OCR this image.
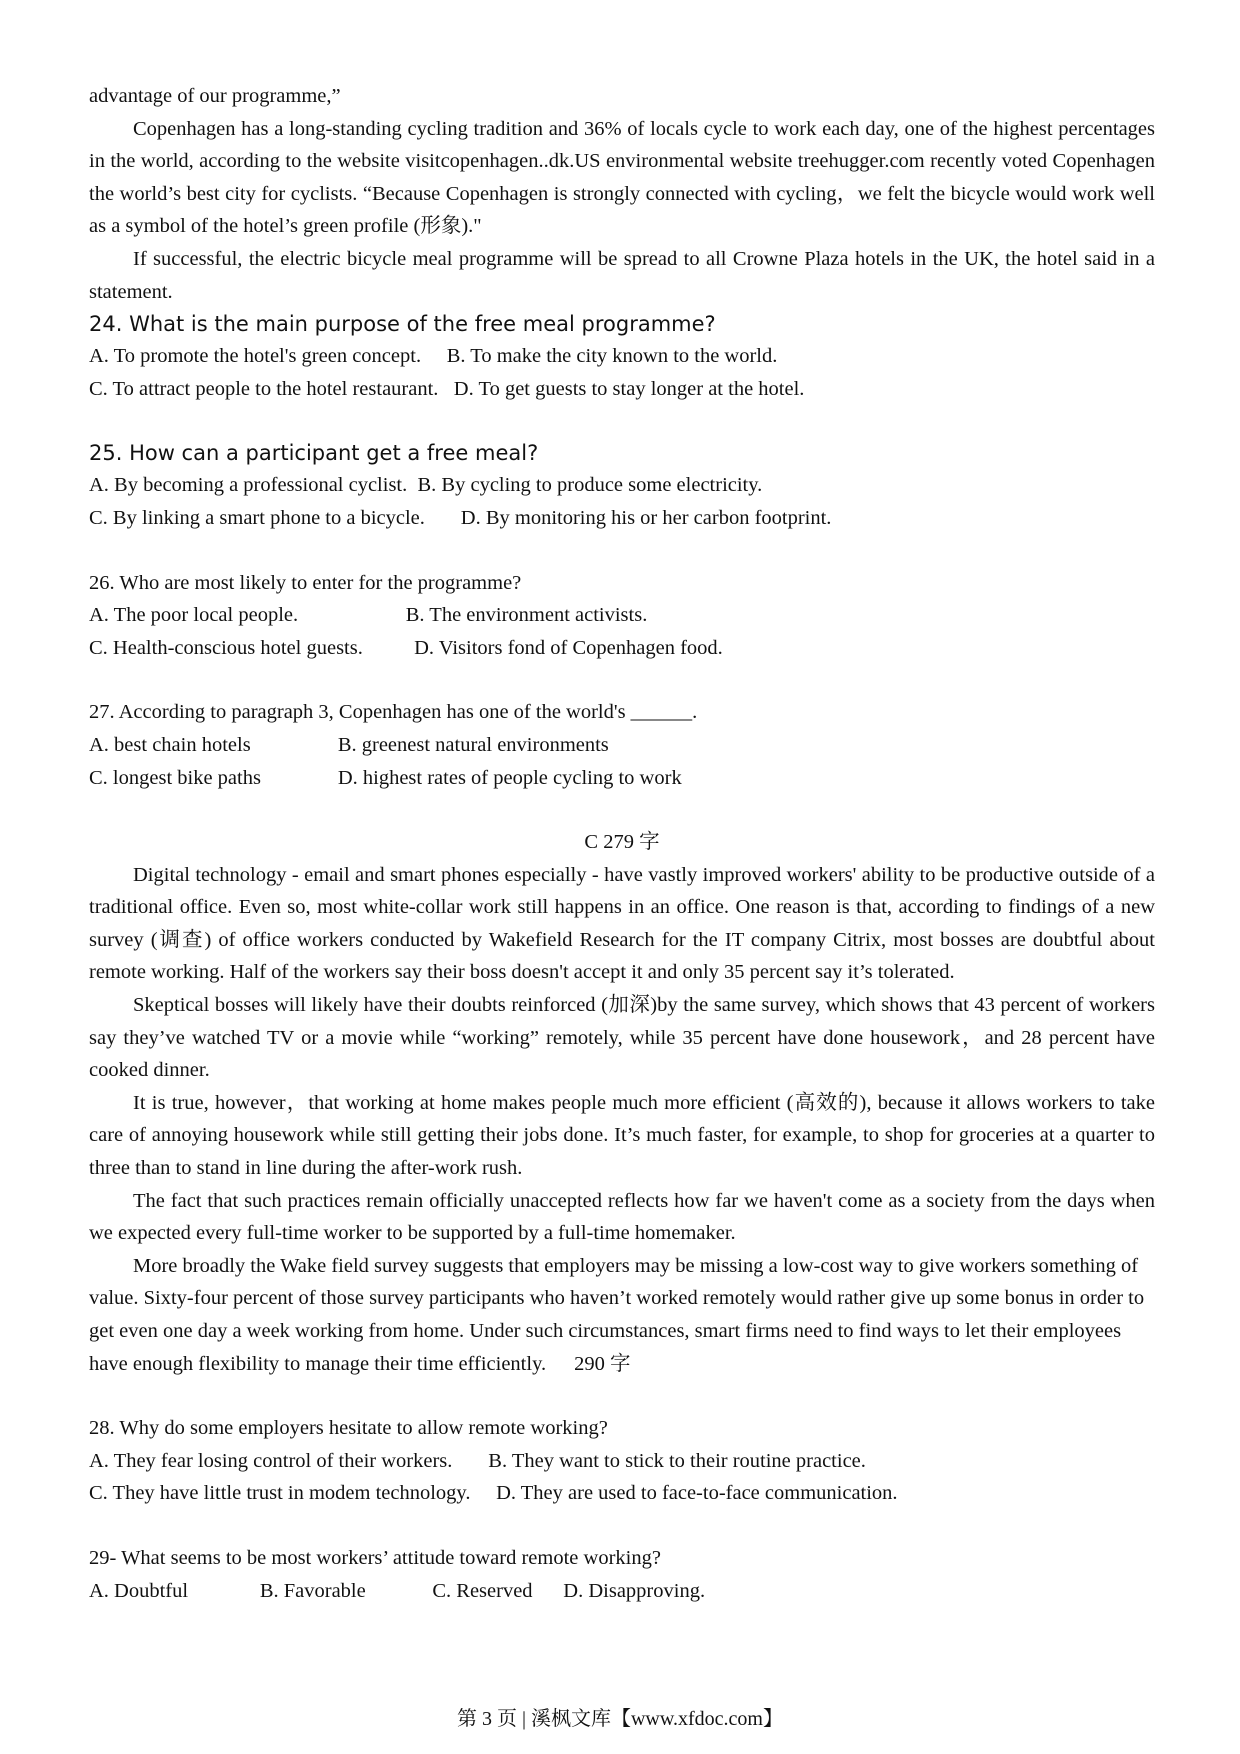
advantage of our programme,”

Copenhagen has a long-standing cycling tradition and 36% of locals cycle to work each day, one of the highest percentages in the world, according to the website visitcopenhagen..dk.US environmental website treehugger.com recently voted Copenhagen the world’s best city for cyclists. “Because Copenhagen is strongly connected with cycling，we felt the bicycle would work well as a symbol of the hotel’s green profile (形象)."

If successful, the electric bicycle meal programme will be spread to all Crowne Plaza hotels in the UK, the hotel said in a statement.

24. What is the main purpose of the free meal programme?

A. To promote the hotel's green concept.     B. To make the city known to the world.

C. To attract people to the hotel restaurant.   D. To get guests to stay longer at the hotel.

25. How can a participant get a free meal?

A. By becoming a professional cyclist.  B. By cycling to produce some electricity.

C. By linking a smart phone to a bicycle.       D. By monitoring his or her carbon footprint.

26. Who are most likely to enter for the programme?

A. The poor local people.                     B. The environment activists.

C. Health-conscious hotel guests.          D. Visitors fond of Copenhagen food.

27. According to paragraph 3, Copenhagen has one of the world's ______.

A. best chain hotels                 B. greenest natural environments

C. longest bike paths               D. highest rates of people cycling to work

C 279 字

Digital technology - email and smart phones especially - have vastly improved workers' ability to be productive outside of a traditional office. Even so, most white-collar work still happens in an office. One reason is that, according to findings of a new survey (调查) of office workers conducted by Wakefield Research for the IT company Citrix, most bosses are doubtful about remote working. Half of the workers say their boss doesn't accept it and only 35 percent say it’s tolerated.

Skeptical bosses will likely have their doubts reinforced (加深)by the same survey, which shows that 43 percent of workers say they’ve watched TV or a movie while “working” remotely, while 35 percent have done housework，and 28 percent have cooked dinner.

It is true, however，that working at home makes people much more efficient (高效的), because it allows workers to take care of annoying housework while still getting their jobs done. It’s much faster, for example, to shop for groceries at a quarter to three than to stand in line during the after-work rush.

The fact that such practices remain officially unaccepted reflects how far we haven't come as a society from the days when we expected every full-time worker to be supported by a full-time homemaker.

More broadly the Wake field survey suggests that employers may be missing a low-cost way to give workers something of value. Sixty-four percent of those survey participants who haven’t worked remotely would rather give up some bonus in order to get even one day a week working from home. Under such circumstances, smart firms need to find ways to let their employees have enough flexibility to manage their time efficiently. 290 字

28. Why do some employers hesitate to allow remote working?

A. They fear losing control of their workers.       B. They want to stick to their routine practice.

C. They have little trust in modem technology.     D. They are used to face-to-face communication.

29- What seems to be most workers’ attitude toward remote working?

A. Doubtful              B. Favorable             C. Reserved      D. Disapproving.

第 3 页 | 溪枫文库【www.xfdoc.com】
